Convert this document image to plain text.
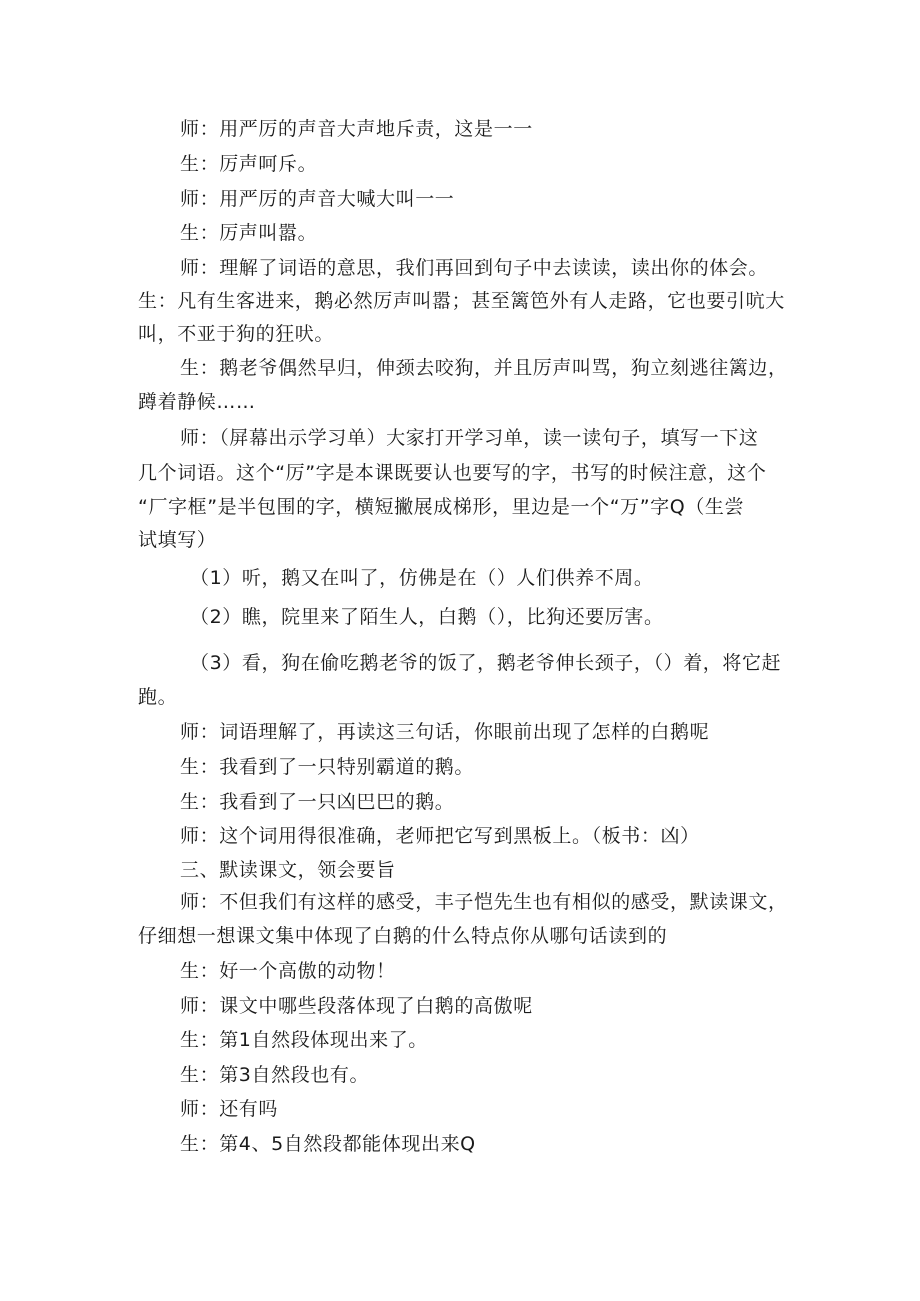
师：用严厉的声音大声地斥责，这是一一
生：厉声呵斥。
师：用严厉的声音大喊大叫一一
生：厉声叫嚣。
师：理解了词语的意思，我们再回到句子中去读读，读出你的体会。
生：凡有生客进来，鹅必然厉声叫嚣；甚至篱笆外有人走路，它也要引吭大
叫，不亚于狗的狂吠。
生：鹅老爷偶然早归，伸颈去咬狗，并且厉声叫骂，狗立刻逃往篱边，
蹲着静候……
师：（屏幕出示学习单）大家打开学习单，读一读句子，填写一下这
几个词语。这个“厉”字是本课既要认也要写的字，书写的时候注意，这个
“厂字框”是半包围的字，横短撇展成梯形，里边是一个“万”字Q（生尝
试填写）
（1）听，鹅又在叫了，仿佛是在（）人们供养不周。
（2）瞧，院里来了陌生人，白鹅（），比狗还要厉害。
（3）看，狗在偷吃鹅老爷的饭了，鹅老爷伸长颈子，（）着，将它赶
跑。
师：词语理解了，再读这三句话，你眼前出现了怎样的白鹅呢
生：我看到了一只特别霸道的鹅。
生：我看到了一只凶巴巴的鹅。
师：这个词用得很准确，老师把它写到黑板上。（板书：凶）
三、默读课文，领会要旨
师：不但我们有这样的感受，丰子恺先生也有相似的感受，默读课文，
仔细想一想课文集中体现了白鹅的什么特点你从哪句话读到的
生：好一个高傲的动物！
师：课文中哪些段落体现了白鹅的高傲呢
生：第1自然段体现出来了。
生：第3自然段也有。
师：还有吗
生：第4、5自然段都能体现出来Q
